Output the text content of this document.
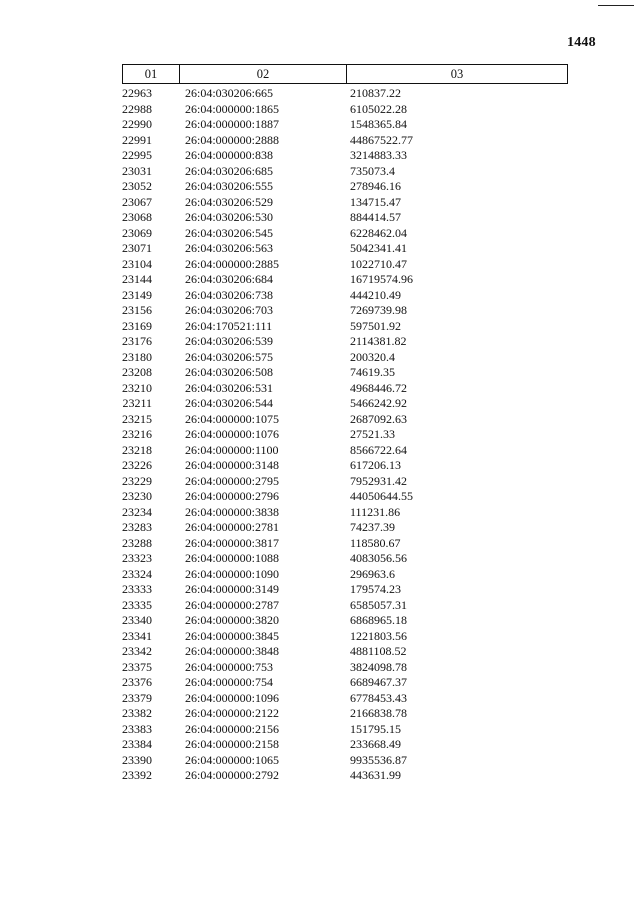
1448
01	02	03
22963	26:04:030206:665	210837.22
22988	26:04:000000:1865	6105022.28
22990	26:04:000000:1887	1548365.84
22991	26:04:000000:2888	44867522.77
22995	26:04:000000:838	3214883.33
23031	26:04:030206:685	735073.4
23052	26:04:030206:555	278946.16
23067	26:04:030206:529	134715.47
23068	26:04:030206:530	884414.57
23069	26:04:030206:545	6228462.04
23071	26:04:030206:563	5042341.41
23104	26:04:000000:2885	1022710.47
23144	26:04:030206:684	16719574.96
23149	26:04:030206:738	444210.49
23156	26:04:030206:703	7269739.98
23169	26:04:170521:111	597501.92
23176	26:04:030206:539	2114381.82
23180	26:04:030206:575	200320.4
23208	26:04:030206:508	74619.35
23210	26:04:030206:531	4968446.72
23211	26:04:030206:544	5466242.92
23215	26:04:000000:1075	2687092.63
23216	26:04:000000:1076	27521.33
23218	26:04:000000:1100	8566722.64
23226	26:04:000000:3148	617206.13
23229	26:04:000000:2795	7952931.42
23230	26:04:000000:2796	44050644.55
23234	26:04:000000:3838	111231.86
23283	26:04:000000:2781	74237.39
23288	26:04:000000:3817	118580.67
23323	26:04:000000:1088	4083056.56
23324	26:04:000000:1090	296963.6
23333	26:04:000000:3149	179574.23
23335	26:04:000000:2787	6585057.31
23340	26:04:000000:3820	6868965.18
23341	26:04:000000:3845	1221803.56
23342	26:04:000000:3848	4881108.52
23375	26:04:000000:753	3824098.78
23376	26:04:000000:754	6689467.37
23379	26:04:000000:1096	6778453.43
23382	26:04:000000:2122	2166838.78
23383	26:04:000000:2156	151795.15
23384	26:04:000000:2158	233668.49
23390	26:04:000000:1065	9935536.87
23392	26:04:000000:2792	443631.99
